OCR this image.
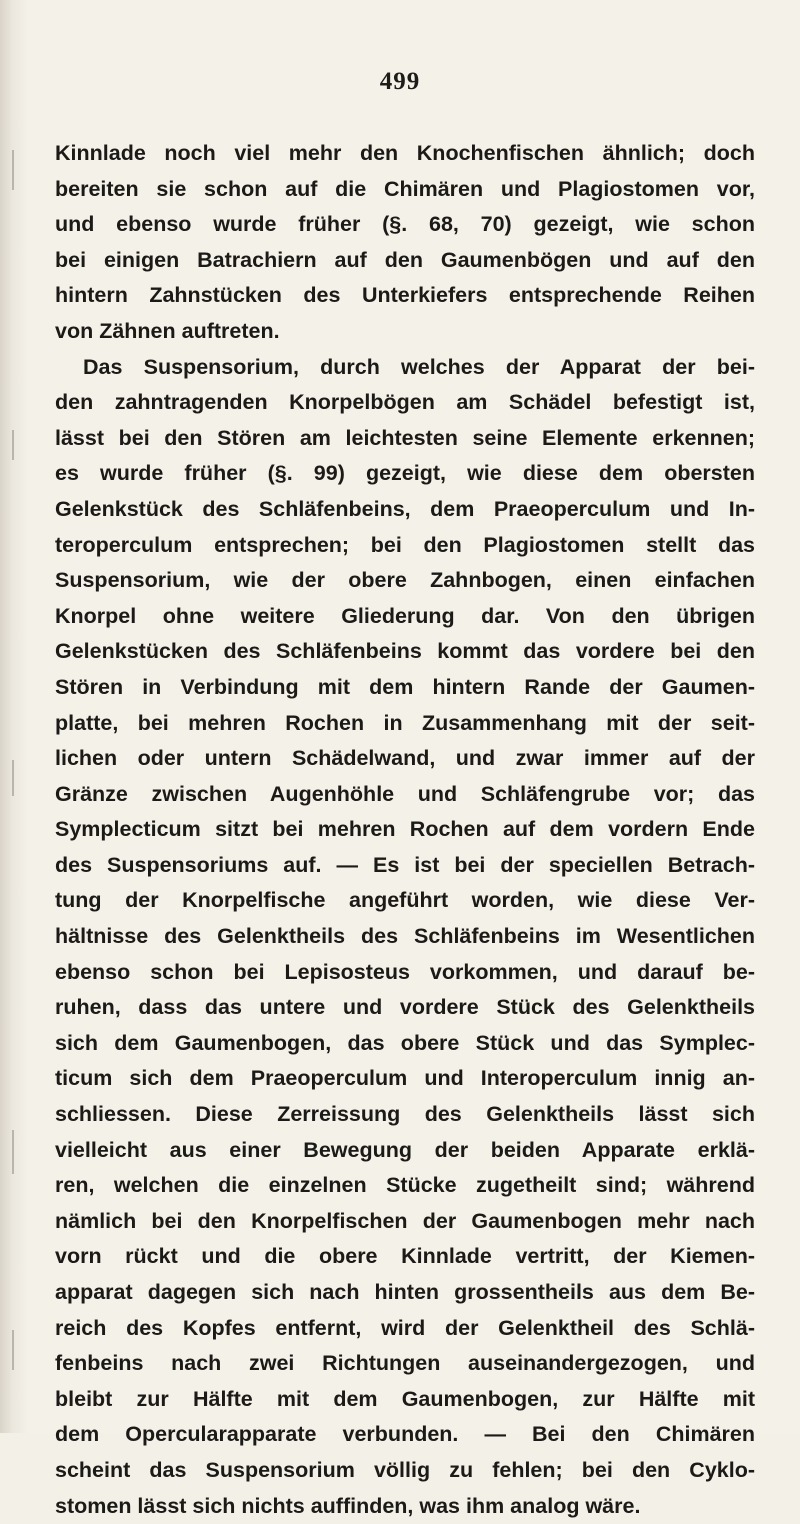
499
Kinnlade noch viel mehr den Knochenfischen ähnlich; doch
bereiten sie schon auf die Chimären und Plagiostomen vor,
und ebenso wurde früher (§. 68, 70) gezeigt, wie schon
bei einigen Batrachiern auf den Gaumenbögen und auf den
hintern Zahnstücken des Unterkiefers entsprechende Reihen
von Zähnen auftreten.
Das Suspensorium, durch welches der Apparat der bei-
den zahntragenden Knorpelbögen am Schädel befestigt ist,
lässt bei den Stören am leichtesten seine Elemente erkennen;
es wurde früher (§. 99) gezeigt, wie diese dem obersten
Gelenkstück des Schläfenbeins, dem Praeoperculum und In-
teroperculum entsprechen; bei den Plagiostomen stellt das
Suspensorium, wie der obere Zahnbogen, einen einfachen
Knorpel ohne weitere Gliederung dar. Von den übrigen
Gelenkstücken des Schläfenbeins kommt das vordere bei den
Stören in Verbindung mit dem hintern Rande der Gaumen-
platte, bei mehren Rochen in Zusammenhang mit der seit-
lichen oder untern Schädelwand, und zwar immer auf der
Gränze zwischen Augenhöhle und Schläfengrube vor; das
Symplecticum sitzt bei mehren Rochen auf dem vordern Ende
des Suspensoriums auf. — Es ist bei der speciellen Betrach-
tung der Knorpelfische angeführt worden, wie diese Ver-
hältnisse des Gelenktheils des Schläfenbeins im Wesentlichen
ebenso schon bei Lepisosteus vorkommen, und darauf be-
ruhen, dass das untere und vordere Stück des Gelenktheils
sich dem Gaumenbogen, das obere Stück und das Symplec-
ticum sich dem Praeoperculum und Interoperculum innig an-
schliessen. Diese Zerreissung des Gelenktheils lässt sich
vielleicht aus einer Bewegung der beiden Apparate erklä-
ren, welchen die einzelnen Stücke zugetheilt sind; während
nämlich bei den Knorpelfischen der Gaumenbogen mehr nach
vorn rückt und die obere Kinnlade vertritt, der Kiemen-
apparat dagegen sich nach hinten grossentheils aus dem Be-
reich des Kopfes entfernt, wird der Gelenktheil des Schlä-
fenbeins nach zwei Richtungen auseinandergezogen, und
bleibt zur Hälfte mit dem Gaumenbogen, zur Hälfte mit
dem Opercularapparate verbunden. — Bei den Chimären
scheint das Suspensorium völlig zu fehlen; bei den Cyklo-
stomen lässt sich nichts auffinden, was ihm analog wäre.
